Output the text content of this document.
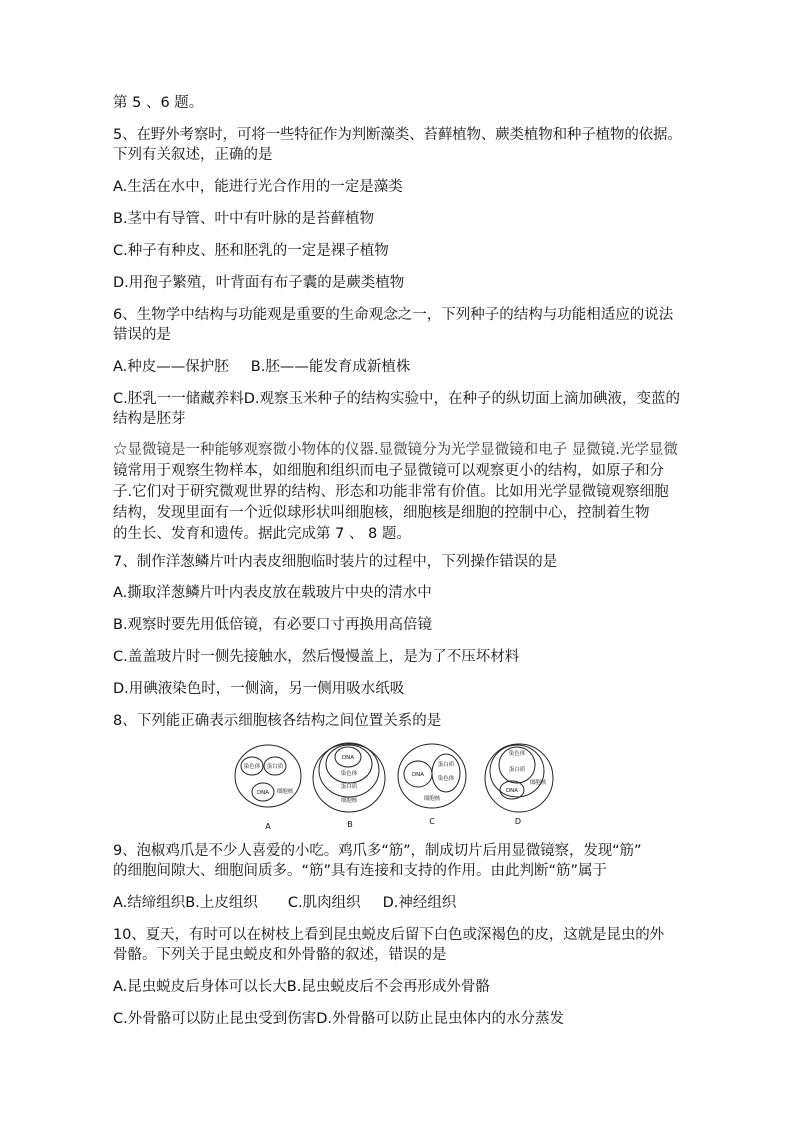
第 5 、6 题。
5、在野外考察时，可将一些特征作为判断藻类、苔藓植物、蕨类植物和种子植物的依据。
下列有关叙述，正确的是
A.生活在水中，能进行光合作用的一定是藻类
B.茎中有导管、叶中有叶脉的是苔藓植物
C.种子有种皮、胚和胚乳的一定是裸子植物
D.用孢子繁殖，叶背面有布子囊的是蕨类植物
6、生物学中结构与功能观是重要的生命观念之一，下列种子的结构与功能相适应的说法
错误的是
A.种皮——保护胚 B.胚——能发育成新植株
C.胚乳一一储藏养料D.观察玉米种子的结构实验中，在种子的纵切面上滴加碘液，变蓝的
结构是胚芽
☆显微镜是一种能够观察微小物体的仪器.显微镜分为光学显微镜和电子 显微镜.光学显微
镜常用于观察生物样本，如细胞和组织而电子显微镜可以观察更小的结构，如原子和分
子.它们对于研究微观世界的结构、形态和功能非常有价值。比如用光学显微镜观察细胞
结构，发现里面有一个近似球形状叫细胞核，细胞核是细胞的控制中心，控制着生物
的生长、发育和遗传。据此完成第 7 、 8 题。
7、制作洋葱鳞片叶内表皮细胞临时装片的过程中，下列操作错误的是
A.撕取洋葱鳞片叶内表皮放在载玻片中央的清水中
B.观察时要先用低倍镜，有必要口寸再换用高倍镜
C.盖盖玻片时一侧先接触水，然后慢慢盖上，是为了不压坏材料
D.用碘液染色时，一侧滴，另一侧用吸水纸吸
8、下列能正确表示细胞核各结构之间位置关系的是
染色体 蛋白质
DNA 细胞核
DNA
染色体
蛋白质
细胞核
DNA
蛋白质
染色体
细胞核
染色体
蛋白质
DNA
细胞核
A	B	C	D
9、泡椒鸡爪是不少人喜爱的小吃。鸡爪多“筋”，制成切片后用显微镜察，发现“筋”
的细胞间隙大、细胞间质多。“筋”具有连接和支持的作用。由此判断“筋”属于
A.结缔组织B.上皮组织 C.肌肉组织 D.神经组织
10、夏天，有时可以在树枝上看到昆虫蜕皮后留下白色或深褐色的皮，这就是昆虫的外
骨骼。下列关于昆虫蜕皮和外骨骼的叙述，错误的是
A.昆虫蜕皮后身体可以长大B.昆虫蜕皮后不会再形成外骨骼
C.外骨骼可以防止昆虫受到伤害D.外骨骼可以防止昆虫体内的水分蒸发
